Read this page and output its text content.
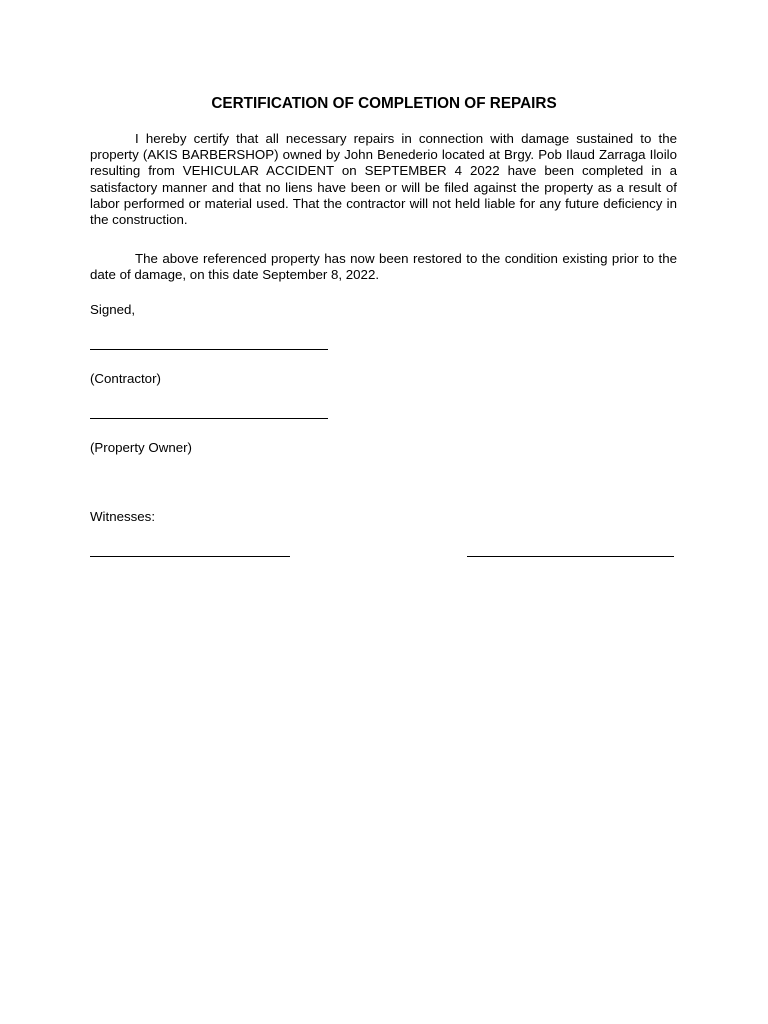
CERTIFICATION OF COMPLETION OF REPAIRS

I hereby certify that all necessary repairs in connection with damage sustained to the property (AKIS BARBERSHOP) owned by John Benederio located at Brgy. Pob Ilaud Zarraga Iloilo resulting from VEHICULAR ACCIDENT on SEPTEMBER 4 2022 have been completed in a satisfactory manner and that no liens have been or will be filed against the property as a result of labor performed or material used. That the contractor will not held liable for any future deficiency in the construction.

The above referenced property has now been restored to the condition existing prior to the date of damage, on this date September 8, 2022.

Signed,
(Contractor)
(Property Owner)
Witnesses:
